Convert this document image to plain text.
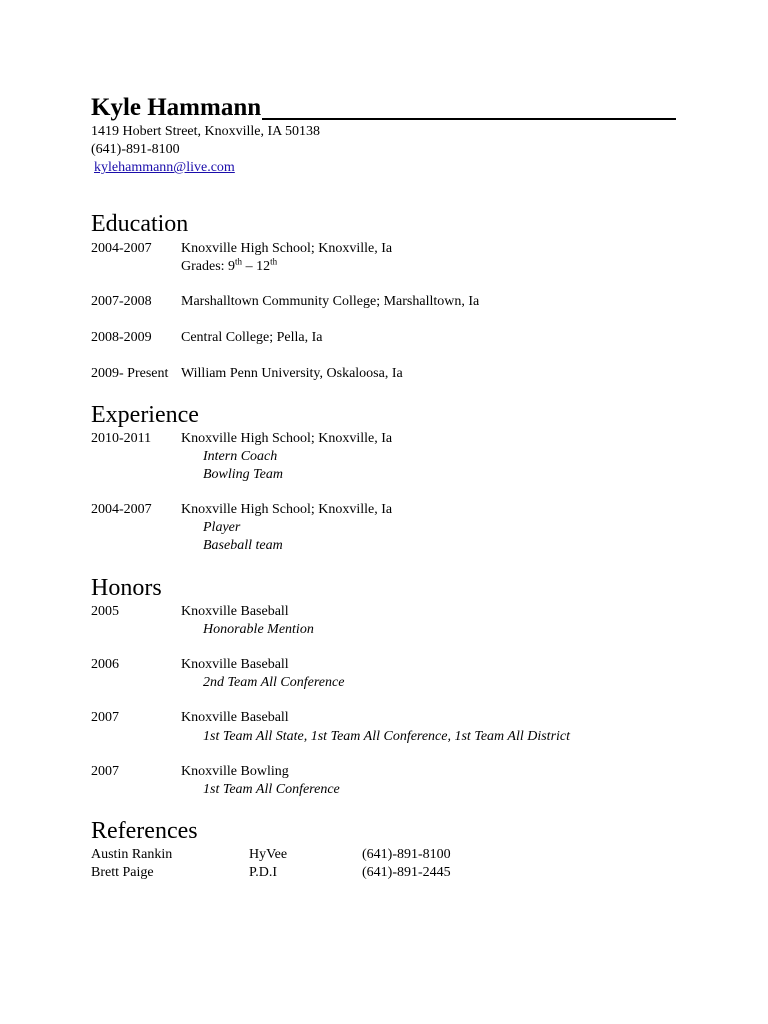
Kyle Hammann
1419 Hobert Street, Knoxville, IA 50138
(641)-891-8100
kylehammann@live.com
Education
2004-2007 Knoxville High School; Knoxville, Ia
Grades: 9th – 12th
2007-2008 Marshalltown Community College; Marshalltown, Ia
2008-2009 Central College; Pella, Ia
2009- Present William Penn University, Oskaloosa, Ia
Experience
2010-2011 Knoxville High School; Knoxville, Ia
Intern Coach
Bowling Team
2004-2007 Knoxville High School; Knoxville, Ia
Player
Baseball team
Honors
2005	Knoxville Baseball
Honorable Mention
2006	Knoxville Baseball
2nd Team All Conference
2007	Knoxville Baseball
1st Team All State, 1st Team All Conference, 1st Team All District
2007	Knoxville Bowling
1st Team All Conference
References
Austin Rankin	HyVee	(641)-891-8100
Brett Paige	P.D.I	(641)-891-2445
